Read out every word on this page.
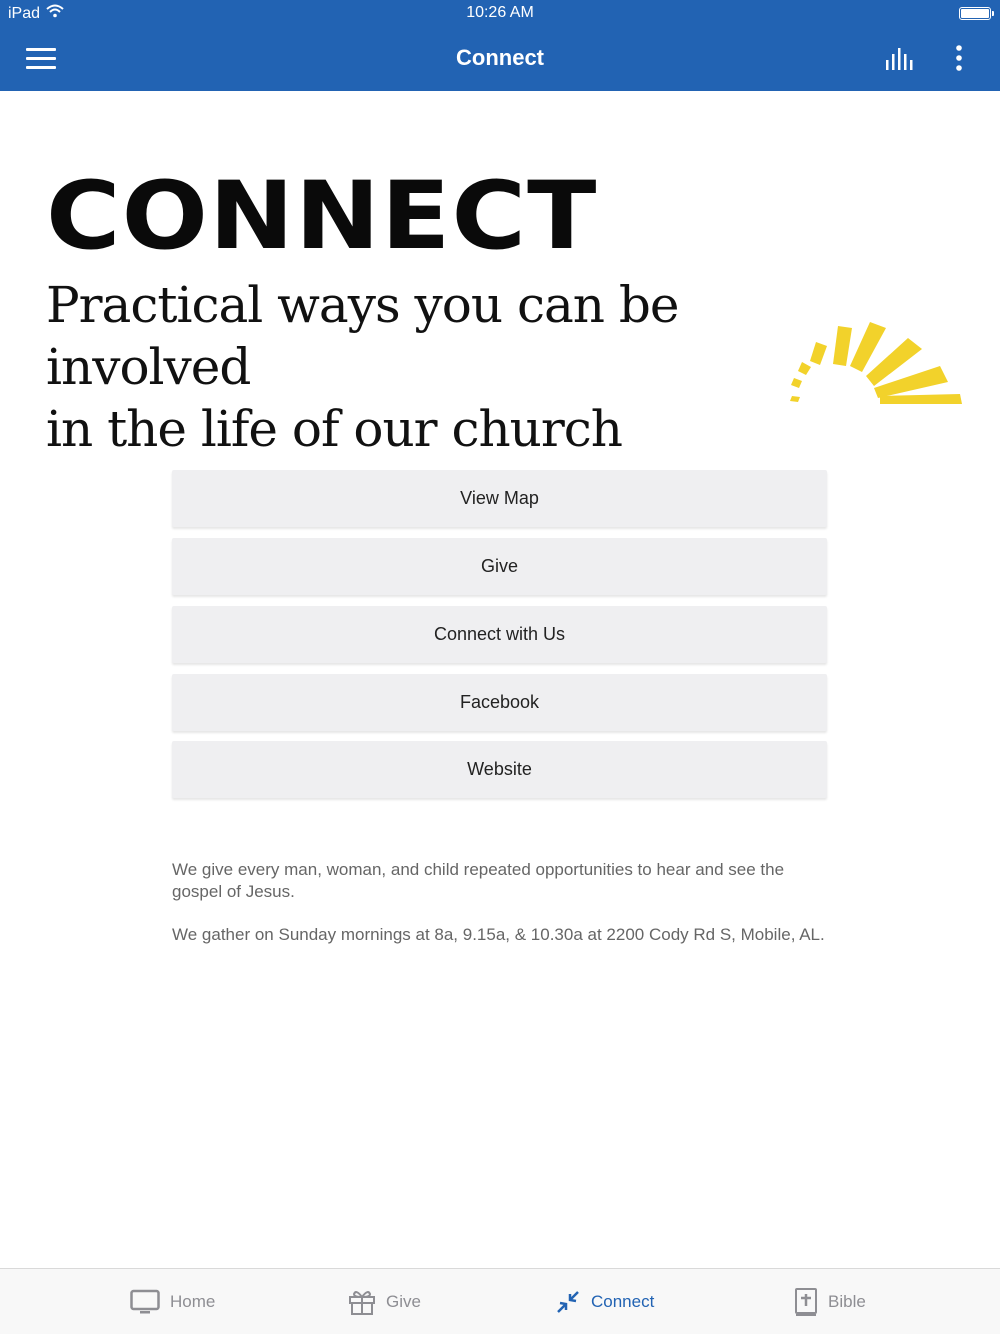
iPad	10:26 AM
Connect
CONNECT
Practical ways you can be involved
in the life of our church
View Map
Give
Connect with Us
Facebook
Website
We give every man, woman, and child repeated opportunities to hear and see the gospel of Jesus.
We gather on Sunday mornings at 8a, 9.15a, & 10.30a at 2200 Cody Rd S, Mobile, AL.
Home	Give	Connect	Bible
